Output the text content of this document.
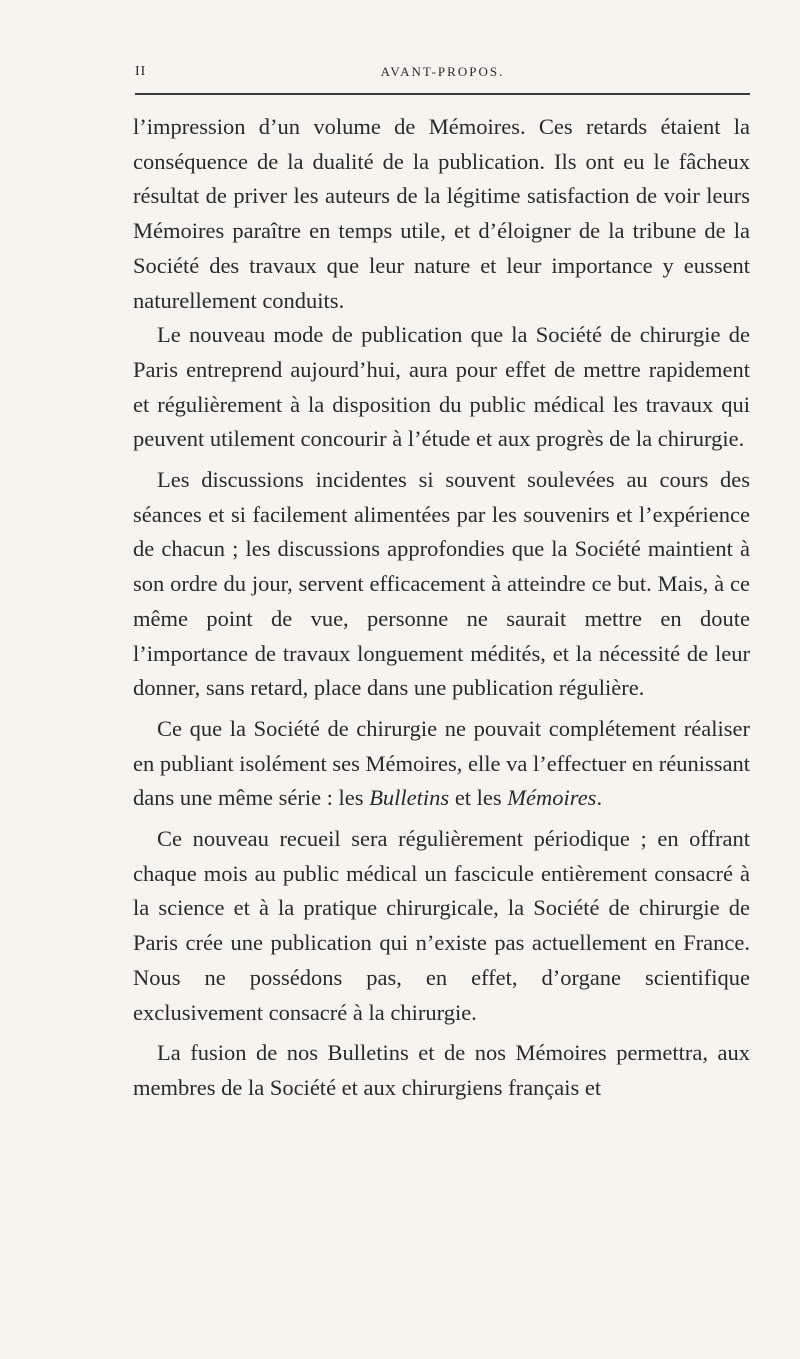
II	AVANT-PROPOS.

l’impression d’un volume de Mémoires. Ces retards étaient la conséquence de la dualité de la publication. Ils ont eu le fâcheux résultat de priver les auteurs de la légitime satisfaction de voir leurs Mémoires paraître en temps utile, et d’éloigner de la tribune de la Société des travaux que leur nature et leur importance y eussent naturellement conduits.

Le nouveau mode de publication que la Société de chirurgie de Paris entreprend aujourd’hui, aura pour effet de mettre rapidement et régulièrement à la disposition du public médical les travaux qui peuvent utilement concourir à l’étude et aux progrès de la chirurgie.

Les discussions incidentes si souvent soulevées au cours des séances et si facilement alimentées par les souvenirs et l’expérience de chacun ; les discussions approfondies que la Société maintient à son ordre du jour, servent efficacement à atteindre ce but. Mais, à ce même point de vue, personne ne saurait mettre en doute l’importance de travaux longuement médités, et la nécessité de leur donner, sans retard, place dans une publication régulière.

Ce que la Société de chirurgie ne pouvait complétement réaliser en publiant isolément ses Mémoires, elle va l’effectuer en réunissant dans une même série : les Bulletins et les Mémoires.

Ce nouveau recueil sera régulièrement périodique ; en offrant chaque mois au public médical un fascicule entièrement consacré à la science et à la pratique chirurgicale, la Société de chirurgie de Paris crée une publication qui n’existe pas actuellement en France. Nous ne possédons pas, en effet, d’organe scientifique exclusivement consacré à la chirurgie.

La fusion de nos Bulletins et de nos Mémoires permettra, aux membres de la Société et aux chirurgiens français et
